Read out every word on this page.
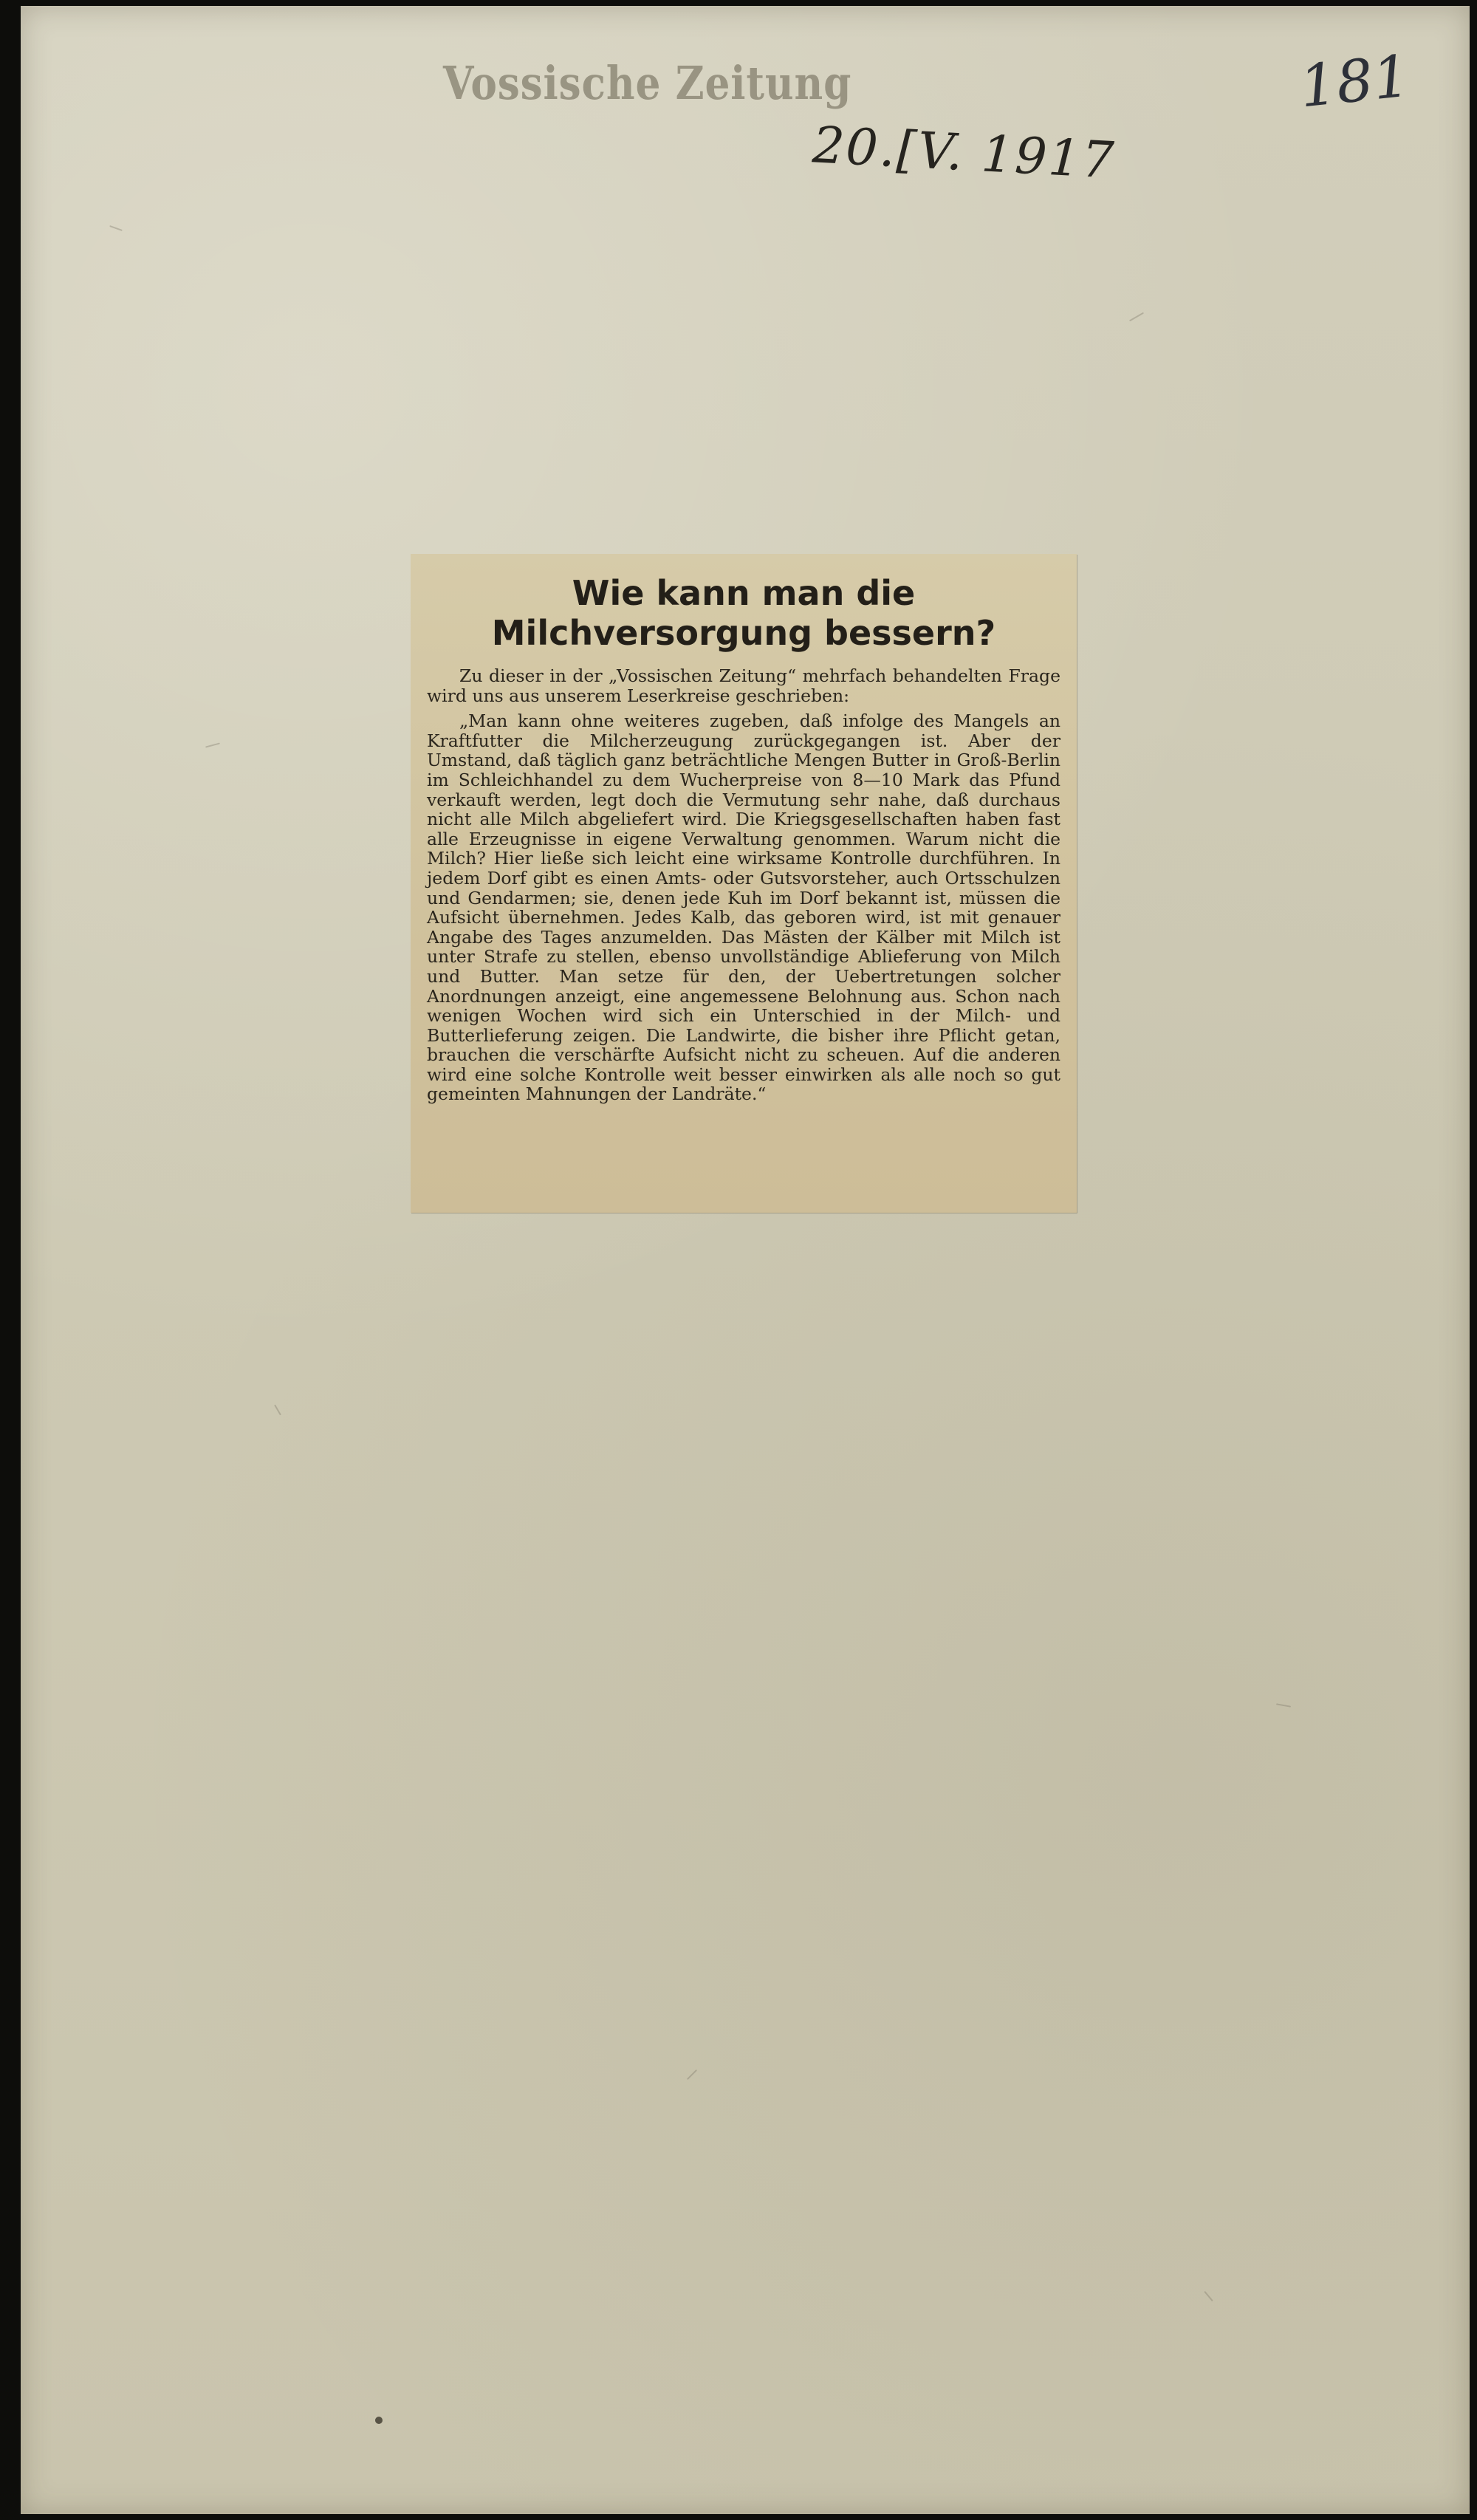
Vossische Zeitung
20.[V. 1917
181
Wie kann man die Milchversorgung bessern?

Zu dieser in der „Vossischen Zeitung“ mehrfach behandelten Frage wird uns aus unserem Leserkreise geschrieben:

„Man kann ohne weiteres zugeben, daß infolge des Mangels an Kraftfutter die Milcherzeugung zurückgegangen ist. Aber der Umstand, daß täglich ganz beträchtliche Mengen Butter in Groß-Berlin im Schleichhandel zu dem Wucherpreise von 8—10 Mark das Pfund verkauft werden, legt doch die Vermutung sehr nahe, daß durchaus nicht alle Milch abgeliefert wird. Die Kriegsgesellschaften haben fast alle Erzeugnisse in eigene Verwaltung genommen. Warum nicht die Milch? Hier ließe sich leicht eine wirksame Kontrolle durchführen. In jedem Dorf gibt es einen Amts- oder Gutsvorsteher, auch Ortsschulzen und Gendarmen; sie, denen jede Kuh im Dorf bekannt ist, müssen die Aufsicht übernehmen. Jedes Kalb, das geboren wird, ist mit genauer Angabe des Tages anzumelden. Das Mästen der Kälber mit Milch ist unter Strafe zu stellen, ebenso unvollständige Ablieferung von Milch und Butter. Man setze für den, der Uebertretungen solcher Anordnungen anzeigt, eine angemessene Belohnung aus. Schon nach wenigen Wochen wird sich ein Unterschied in der Milch- und Butterlieferung zeigen. Die Landwirte, die bisher ihre Pflicht getan, brauchen die verschärfte Aufsicht nicht zu scheuen. Auf die anderen wird eine solche Kontrolle weit besser einwirken als alle noch so gut gemeinten Mahnungen der Landräte.“
